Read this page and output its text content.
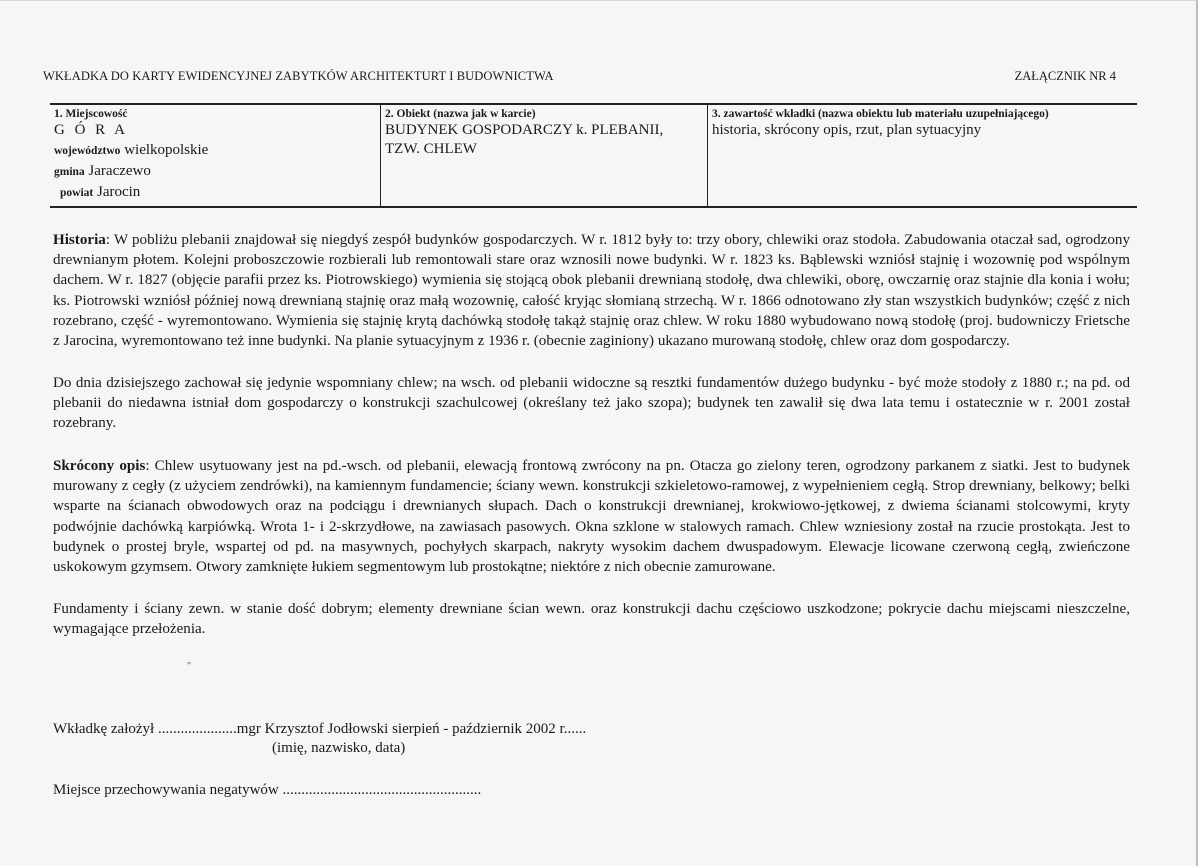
WKŁADKA DO KARTY EWIDENCYJNEJ ZABYTKÓW ARCHITEKTURT I BUDOWNICTWA	ZAŁĄCZNIK NR 4
1. Miejscowość
G Ó R A
województwo wielkopolskie
gmina Jaraczewo
powiat Jarocin
2. Obiekt (nazwa jak w karcie)
BUDYNEK GOSPODARCZY k. PLEBANII,
TZW. CHLEW
3. zawartość wkładki (nazwa obiektu lub materiału uzupełniającego)
historia, skrócony opis, rzut, plan sytuacyjny

Historia: W pobliżu plebanii znajdował się niegdyś zespół budynków gospodarczych. W r. 1812 były to: trzy obory, chlewiki oraz stodoła. Zabudowania otaczał sad, ogrodzony drewnianym płotem. Kolejni proboszczowie rozbierali lub remontowali stare oraz wznosili nowe budynki. W r. 1823 ks. Bąblewski wzniósł stajnię i wozownię pod wspólnym dachem. W r. 1827 (objęcie parafii przez ks. Piotrowskiego) wymienia się stojącą obok plebanii drewnianą stodołę, dwa chlewiki, oborę, owczarnię oraz stajnie dla konia i wołu; ks. Piotrowski wzniósł później nową drewnianą stajnię oraz małą wozownię, całość kryjąc słomianą strzechą. W r. 1866 odnotowano zły stan wszystkich budynków; część z nich rozebrano, część - wyremontowano. Wymienia się stajnię krytą dachówką stodołę takąż stajnię oraz chlew. W roku 1880 wybudowano nową stodołę (proj. budowniczy Frietsche z Jarocina, wyremontowano też inne budynki. Na planie sytuacyjnym z 1936 r. (obecnie zaginiony) ukazano murowaną stodołę, chlew oraz dom gospodarczy.

Do dnia dzisiejszego zachował się jedynie wspomniany chlew; na wsch. od plebanii widoczne są resztki fundamentów dużego budynku - być może stodoły z 1880 r.; na pd. od plebanii do niedawna istniał dom gospodarczy o konstrukcji szachulcowej (określany też jako szopa); budynek ten zawalił się dwa lata temu i ostatecznie w r. 2001 został rozebrany.

Skrócony opis: Chlew usytuowany jest na pd.-wsch. od plebanii, elewacją frontową zwrócony na pn. Otacza go zielony teren, ogrodzony parkanem z siatki. Jest to budynek murowany z cegły (z użyciem zendrówki), na kamiennym fundamencie; ściany wewn. konstrukcji szkieletowo-ramowej, z wypełnieniem cegłą. Strop drewniany, belkowy; belki wsparte na ścianach obwodowych oraz na podciągu i drewnianych słupach. Dach o konstrukcji drewnianej, krokwiowo-jętkowej, z dwiema ścianami stolcowymi, kryty podwójnie dachówką karpiówką. Wrota 1- i 2-skrzydłowe, na zawiasach pasowych. Okna szklone w stalowych ramach. Chlew wzniesiony został na rzucie prostokąta. Jest to budynek o prostej bryle, wspartej od pd. na masywnych, pochyłych skarpach, nakryty wysokim dachem dwuspadowym. Elewacje licowane czerwoną cegłą, zwieńczone uskokowym gzymsem. Otwory zamknięte łukiem segmentowym lub prostokątne; niektóre z nich obecnie zamurowane.

Fundamenty i ściany zewn. w stanie dość dobrym; elementy drewniane ścian wewn. oraz konstrukcji dachu częściowo uszkodzone; pokrycie dachu miejscami nieszczelne, wymagające przełożenia.

"
Wkładkę założył .....................mgr Krzysztof Jodłowski sierpień - październik 2002 r......
(imię, nazwisko, data)
Miejsce przechowywania negatywów .....................................................
